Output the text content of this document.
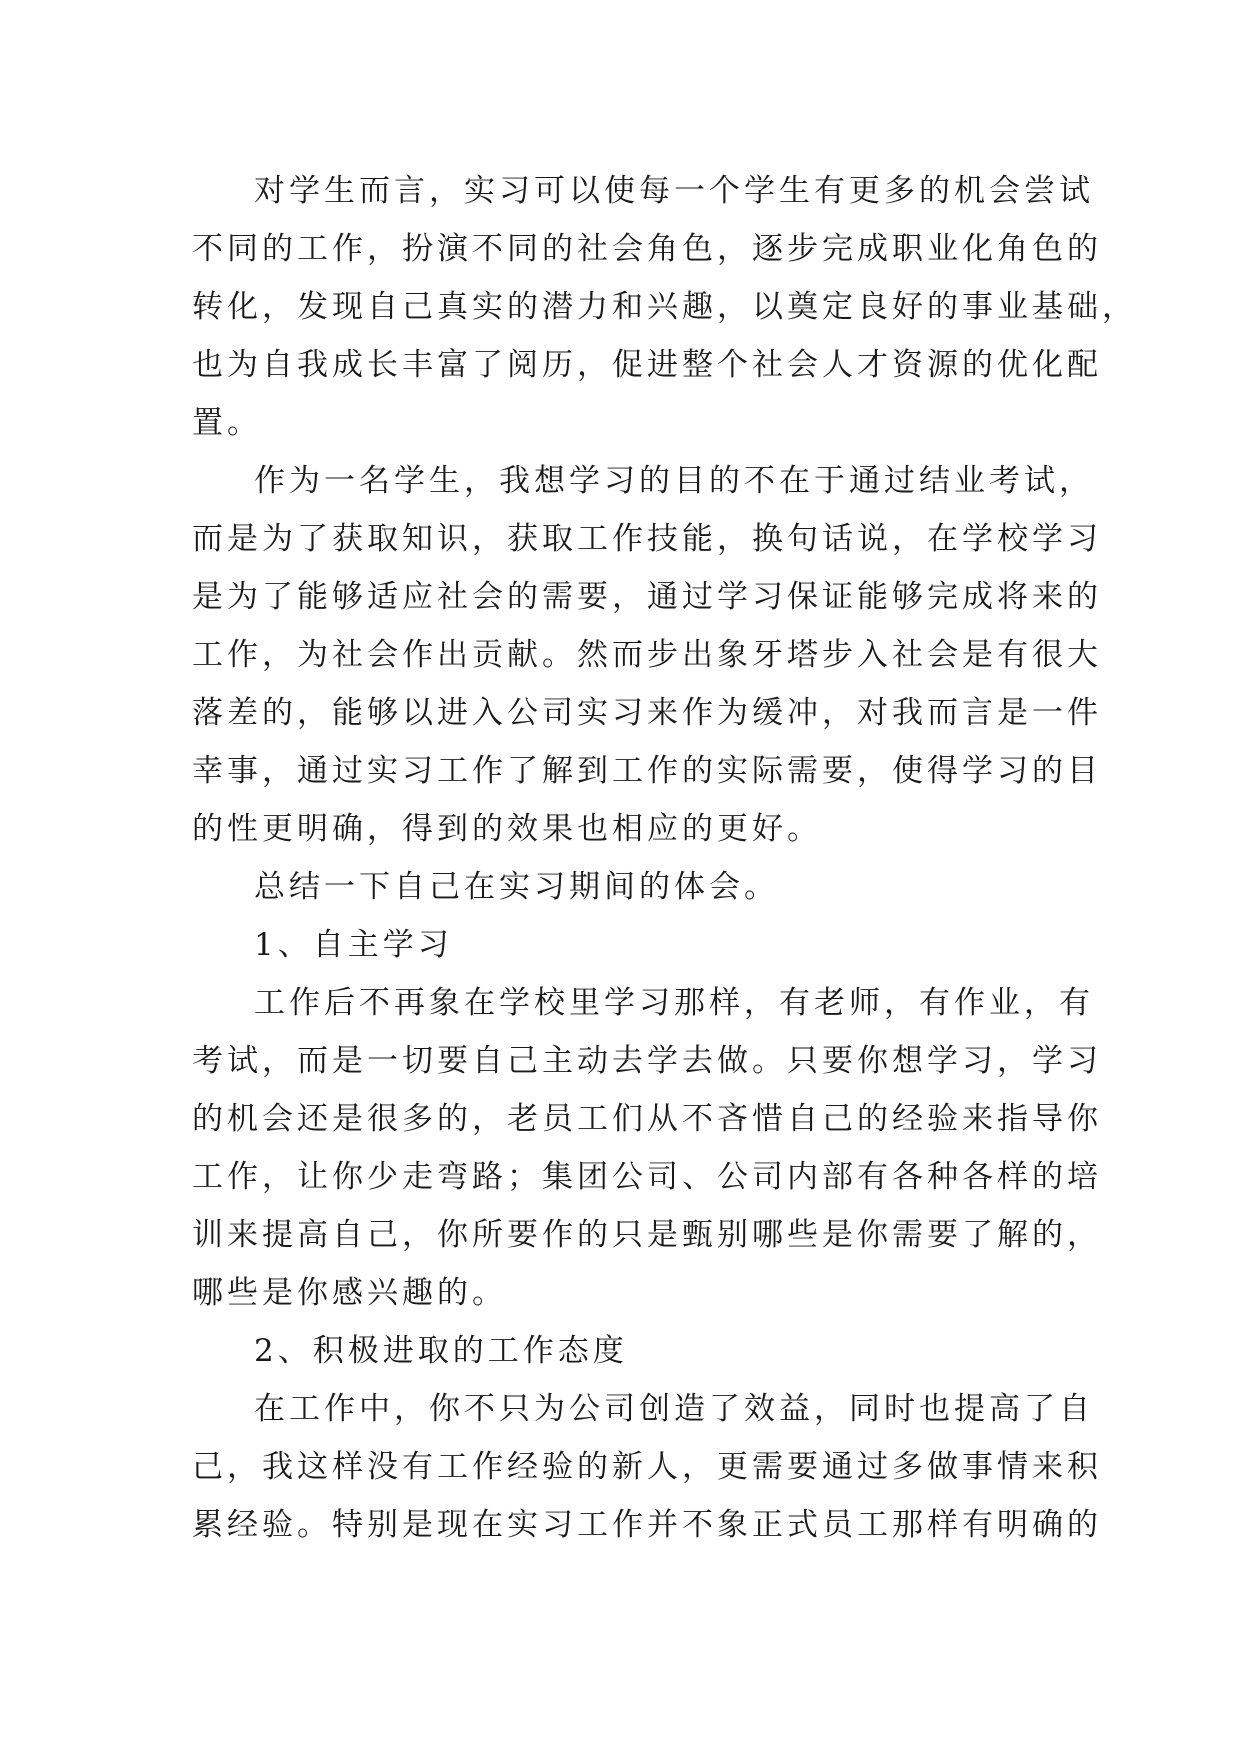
对学生而言，实习可以使每一个学生有更多的机会尝试
不同的工作，扮演不同的社会角色，逐步完成职业化角色的
转化，发现自己真实的潜力和兴趣，以奠定良好的事业基础，
也为自我成长丰富了阅历，促进整个社会人才资源的优化配
置。
作为一名学生，我想学习的目的不在于通过结业考试，
而是为了获取知识，获取工作技能，换句话说，在学校学习
是为了能够适应社会的需要，通过学习保证能够完成将来的
工作，为社会作出贡献。然而步出象牙塔步入社会是有很大
落差的，能够以进入公司实习来作为缓冲，对我而言是一件
幸事，通过实习工作了解到工作的实际需要，使得学习的目
的性更明确，得到的效果也相应的更好。
总结一下自己在实习期间的体会。
1、自主学习
工作后不再象在学校里学习那样，有老师，有作业，有
考试，而是一切要自己主动去学去做。只要你想学习，学习
的机会还是很多的，老员工们从不吝惜自己的经验来指导你
工作，让你少走弯路；集团公司、公司内部有各种各样的培
训来提高自己，你所要作的只是甄别哪些是你需要了解的，
哪些是你感兴趣的。
2、积极进取的工作态度
在工作中，你不只为公司创造了效益，同时也提高了自
己，我这样没有工作经验的新人，更需要通过多做事情来积
累经验。特别是现在实习工作并不象正式员工那样有明确的
